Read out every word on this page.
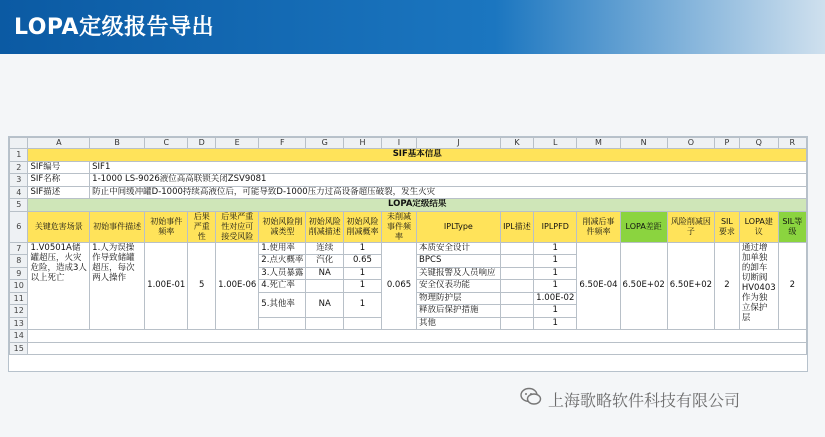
LOPA定级报告导出
	A	B	C	D	E	F	G	H	I	J	K	L	M	N	O	P	Q	R
1	SIF基本信息																	
2	SIF编号	SIF1																
3	SIF名称	1-1000 LS-9026液位高高联锁关闭ZSV9081																
4	SIF描述	防止中间缓冲罐D-1000持续高液位后，可能导致D-1000压力过高设备超压破裂，发生火灾																
5	LOPA定级结果																	
6	关键危害场景	初始事件描述	初始事件频率	后果严重性	后果严重性对应可接受风险	初始风险削减类型	初始风险削减描述	初始风险削减概率	未削减事件频率	IPLType	IPL描述	IPLPFD	削减后事件频率	LOPA差距	风险削减因子	SIL要求	LOPA建议	SIL等级
7	1.V0501A储罐超压，火灾危险，造成3人以上死亡	1.人为误操作导致储罐超压，每次两人操作	1.00E-01	5	1.00E-06	1.使用率	连续	1	0.065	本质安全设计		1	6.50E-04	6.50E+02	6.50E+02	2	通过增加单独的卸车切断阀HV0403作为独立保护层	2
8						2.点火概率	汽化	0.65		BPCS		1						
9						3.人员暴露	NA	1		关键报警及人员响应		1						
10						4.死亡率		1		安全仪表功能		1						
11						5.其他率	NA	1		物理防护层		1.00E-02						
12										释放后保护措施		1						
13										其他		1						
14																		
15																		
上海歌略软件科技有限公司
